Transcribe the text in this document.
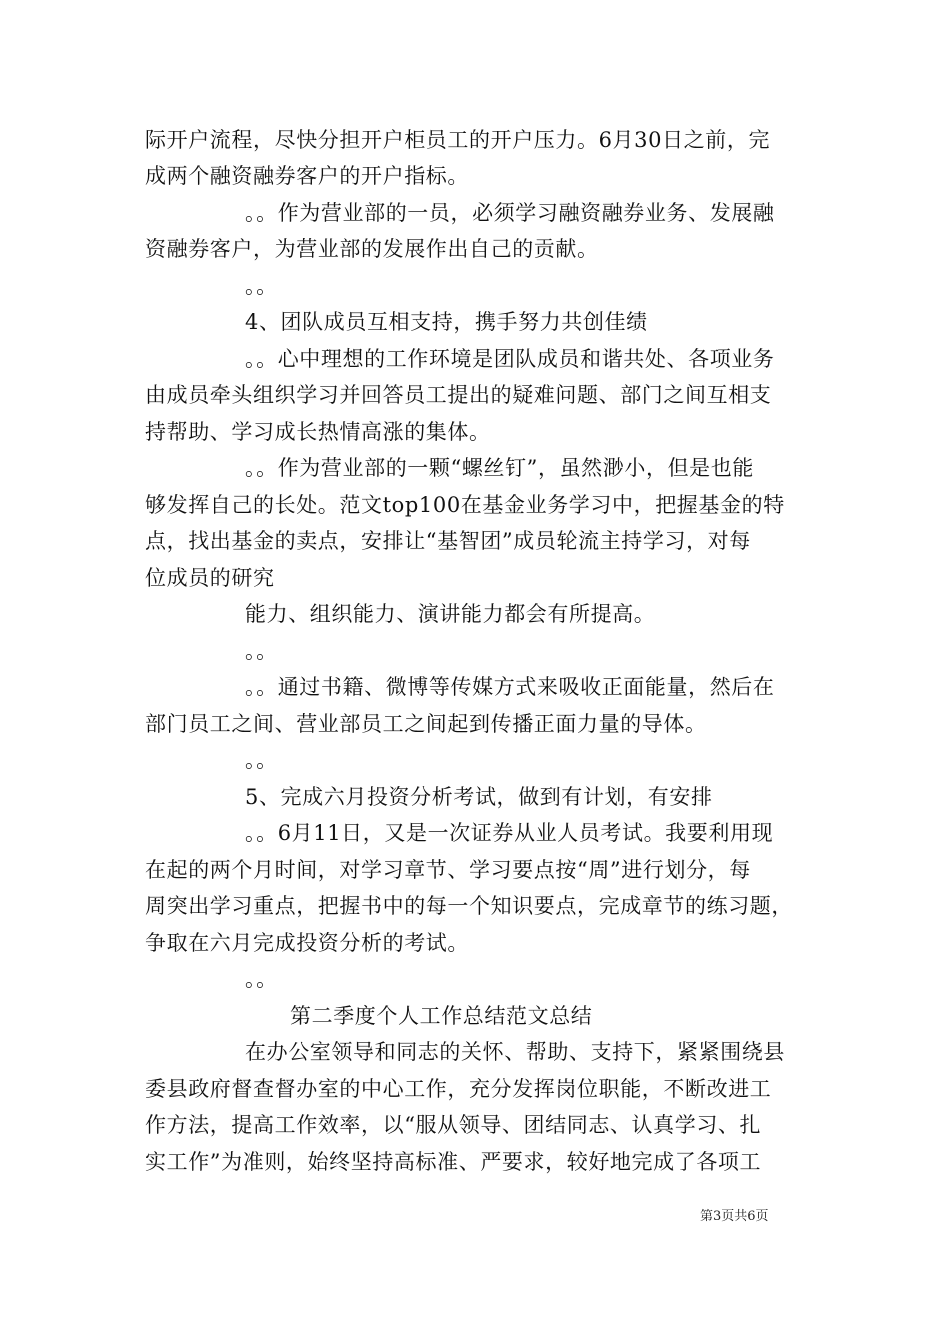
际开户流程，尽快分担开户柜员工的开户压力。6月30日之前，完
成两个融资融券客户的开户指标。
。。作为营业部的一员，必须学习融资融券业务、发展融
资融券客户，为营业部的发展作出自己的贡献。
。。
4、团队成员互相支持，携手努力共创佳绩
。。心中理想的工作环境是团队成员和谐共处、各项业务
由成员牵头组织学习并回答员工提出的疑难问题、部门之间互相支
持帮助、学习成长热情高涨的集体。
。。作为营业部的一颗“螺丝钉”，虽然渺小，但是也能
够发挥自己的长处。范文top100在基金业务学习中，把握基金的特
点，找出基金的卖点，安排让“基智团”成员轮流主持学习，对每
位成员的研究
能力、组织能力、演讲能力都会有所提高。
。。
。。通过书籍、微博等传媒方式来吸收正面能量，然后在
部门员工之间、营业部员工之间起到传播正面力量的导体。
。。
5、完成六月投资分析考试，做到有计划，有安排
。。6月11日，又是一次证券从业人员考试。我要利用现
在起的两个月时间，对学习章节、学习要点按“周”进行划分，每
周突出学习重点，把握书中的每一个知识要点，完成章节的练习题，
争取在六月完成投资分析的考试。
。。
第二季度个人工作总结范文总结
在办公室领导和同志的关怀、帮助、支持下，紧紧围绕县
委县政府督查督办室的中心工作，充分发挥岗位职能，不断改进工
作方法，提高工作效率，以“服从领导、团结同志、认真学习、扎
实工作”为准则，始终坚持高标准、严要求，较好地完成了各项工
第3页共6页
